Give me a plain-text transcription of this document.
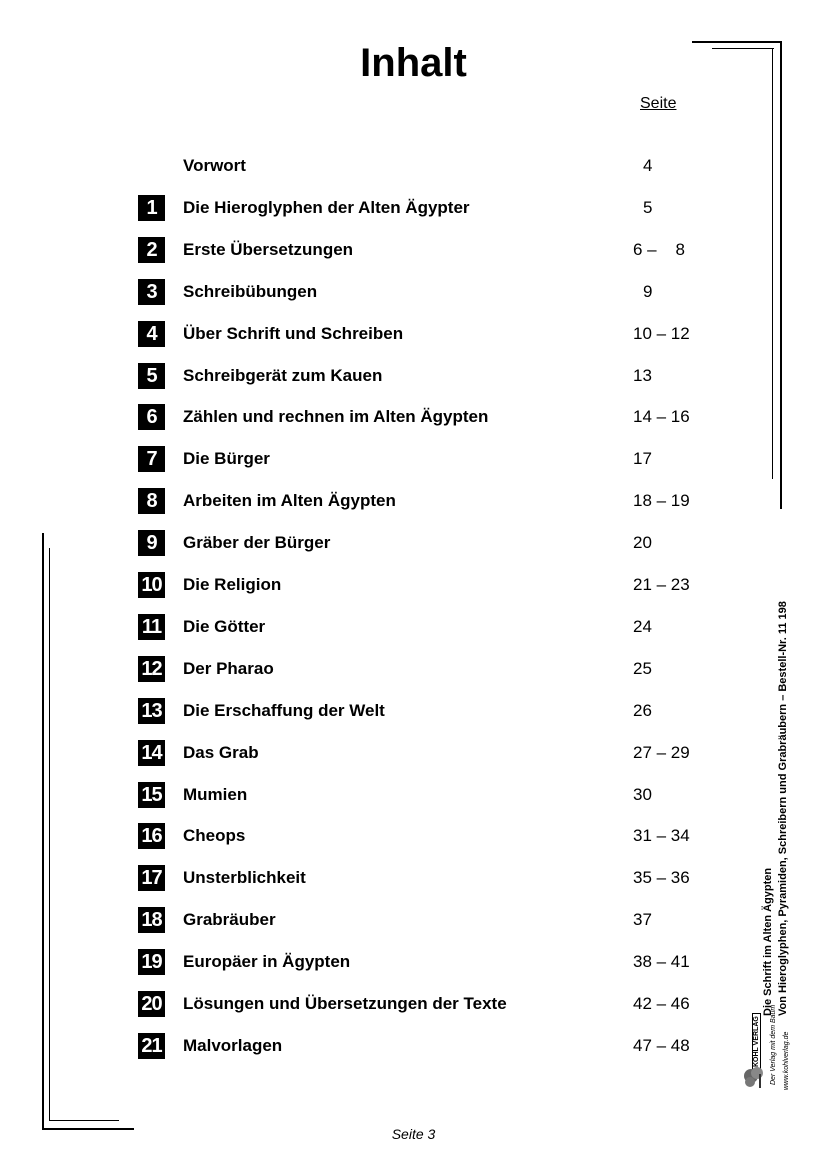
Inhalt
Seite
Vorwort	4
1	Die Hieroglyphen der Alten Ägypter	5
2	Erste Übersetzungen	6 –    8
3	Schreibübungen	9
4	Über Schrift und Schreiben	10 – 12
5	Schreibgerät zum Kauen	13
6	Zählen und rechnen im Alten Ägypten	14 – 16
7	Die Bürger	17
8	Arbeiten im Alten Ägypten	18 – 19
9	Gräber der Bürger	20
10 Die Religion	21 – 23
11 Die Götter	24
12 Der Pharao	25
13 Die Erschaffung der Welt	26
14 Das Grab	27 – 29
15 Mumien	30
16 Cheops	31 – 34
17 Unsterblichkeit	35 – 36
18 Grabräuber	37
19 Europäer in Ägypten	38 – 41
20 Lösungen und Übersetzungen der Texte	42 – 46
21 Malvorlagen	47 – 48
Die Schrift im Alten Ägypten Von Hieroglyphen, Pyramiden, Schreibern und Grabräubern – Bestell-Nr. 11 198
www.kohlverlag.de
Der Verlag mit dem Baum
KOHL VERLAG
Seite 3
